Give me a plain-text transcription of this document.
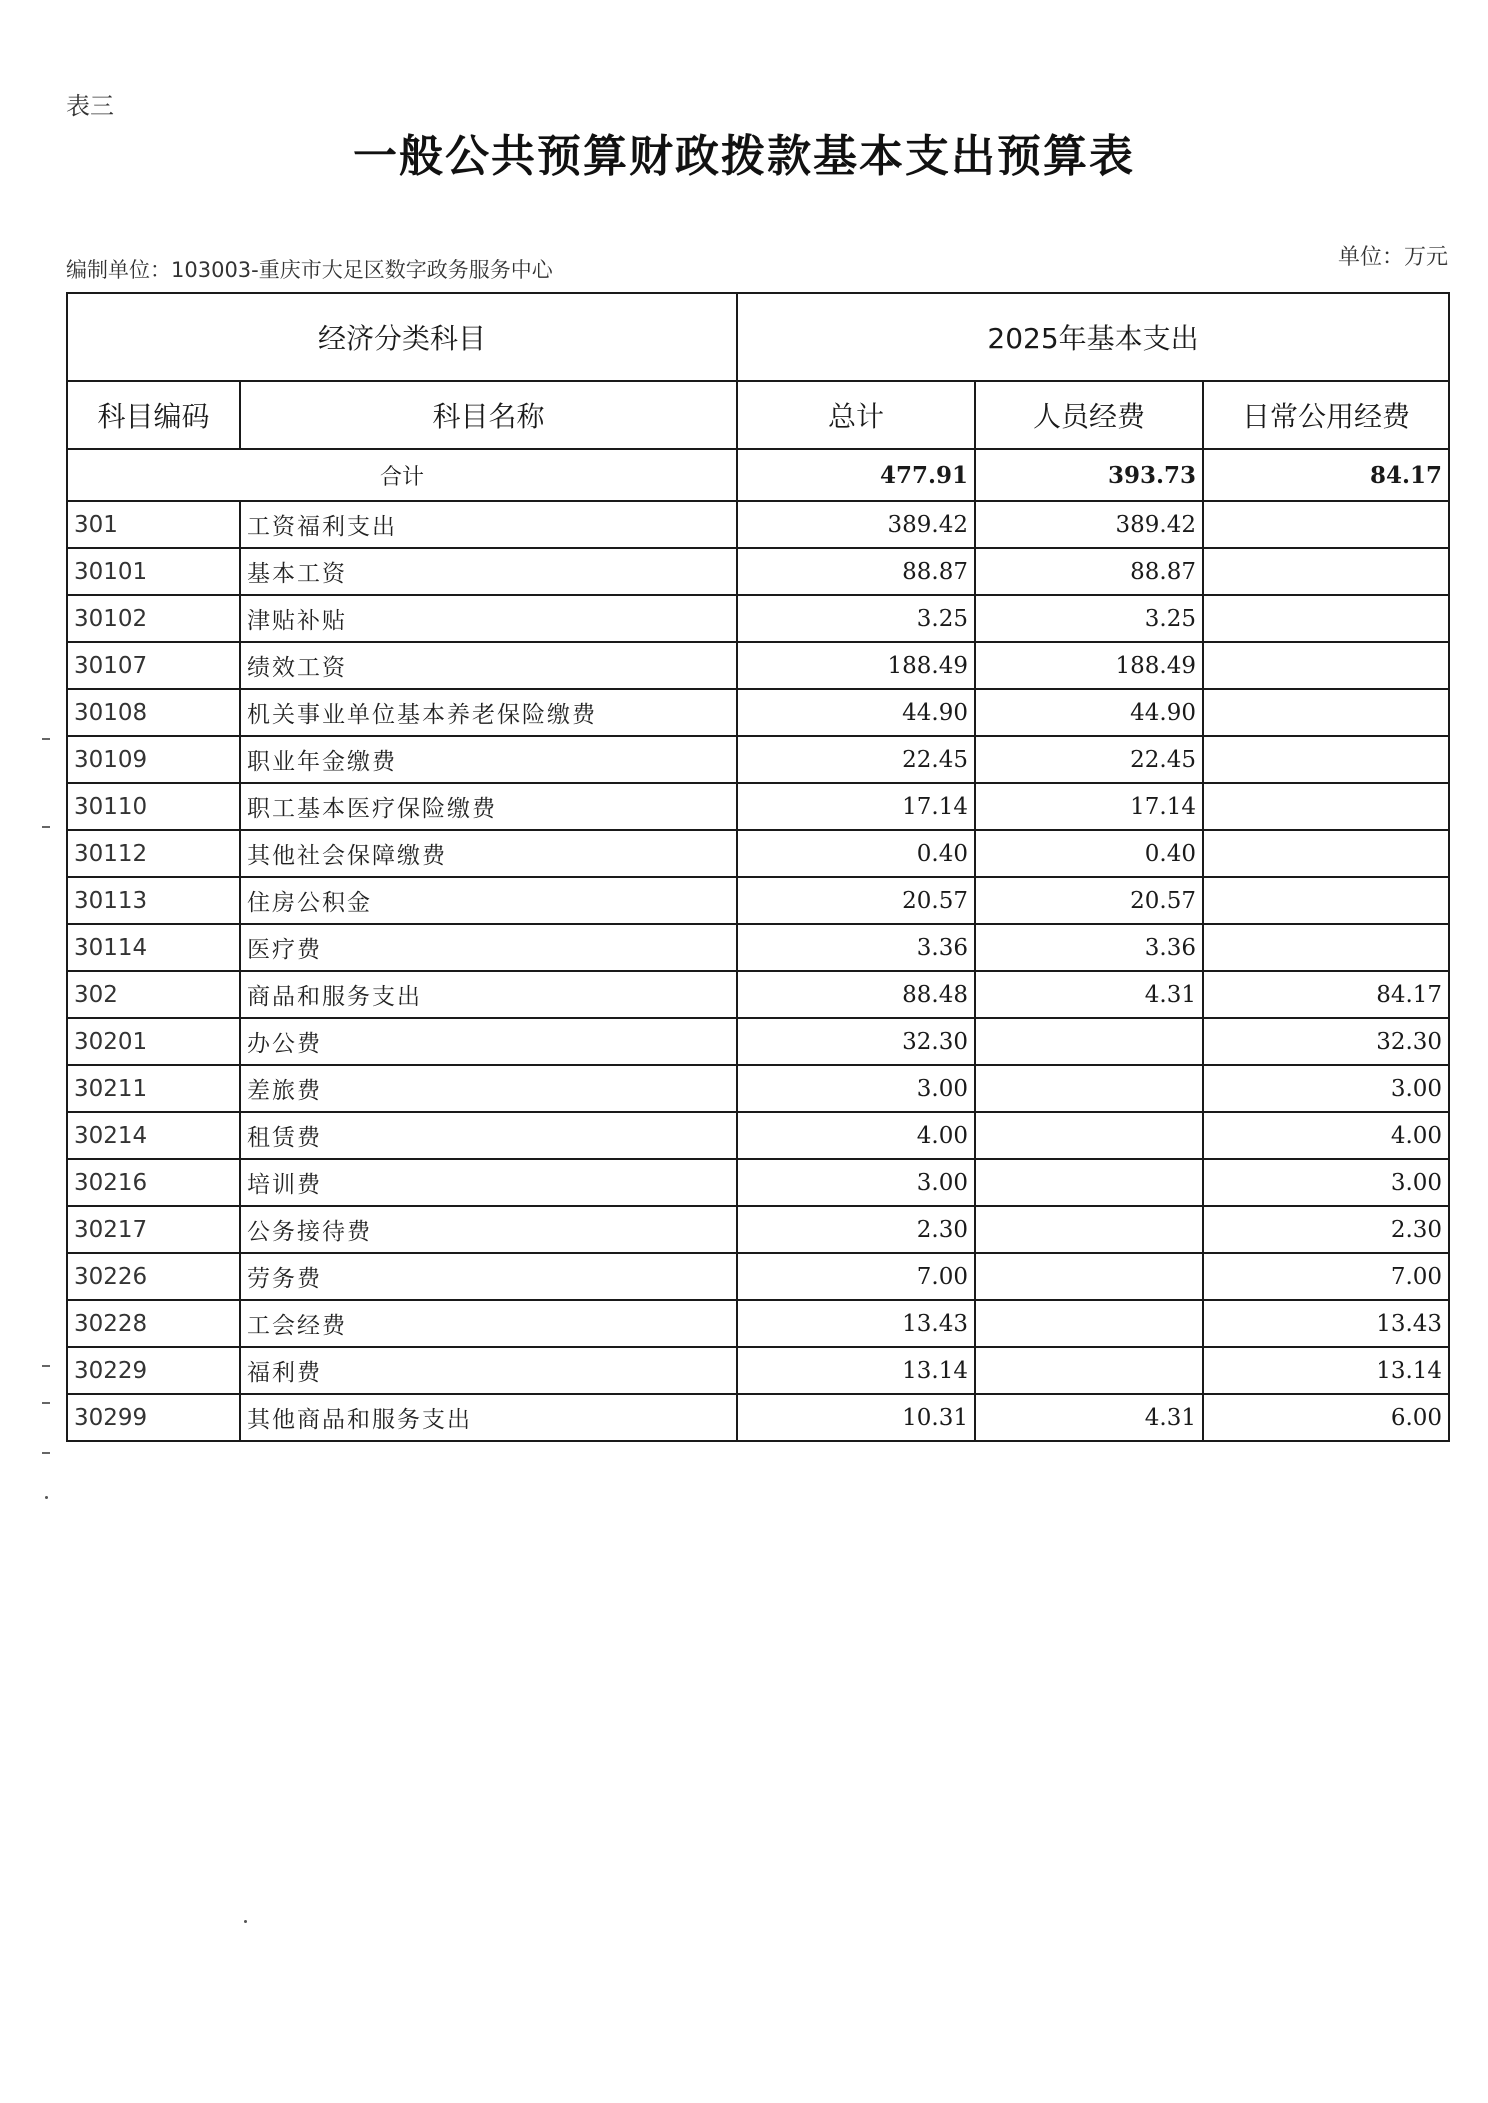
表三
一般公共预算财政拨款基本支出预算表
编制单位：103003-重庆市大足区数字政务服务中心	单位：万元
经济分类科目		2025年基本支出		
科目编码	科目名称	总计	人员经费	日常公用经费
合计		477.91	393.73	84.17
301	工资福利支出	389.42	389.42	
30101	基本工资	88.87	88.87	
30102	津贴补贴	3.25	3.25	
30107	绩效工资	188.49	188.49	
30108	机关事业单位基本养老保险缴费	44.90	44.90	
30109	职业年金缴费	22.45	22.45	
30110	职工基本医疗保险缴费	17.14	17.14	
30112	其他社会保障缴费	0.40	0.40	
30113	住房公积金	20.57	20.57	
30114	医疗费	3.36	3.36	
302	商品和服务支出	88.48	4.31	84.17
30201	办公费	32.30		32.30
30211	差旅费	3.00		3.00
30214	租赁费	4.00		4.00
30216	培训费	3.00		3.00
30217	公务接待费	2.30		2.30
30226	劳务费	7.00		7.00
30228	工会经费	13.43		13.43
30229	福利费	13.14		13.14
30299	其他商品和服务支出	10.31	4.31	6.00
